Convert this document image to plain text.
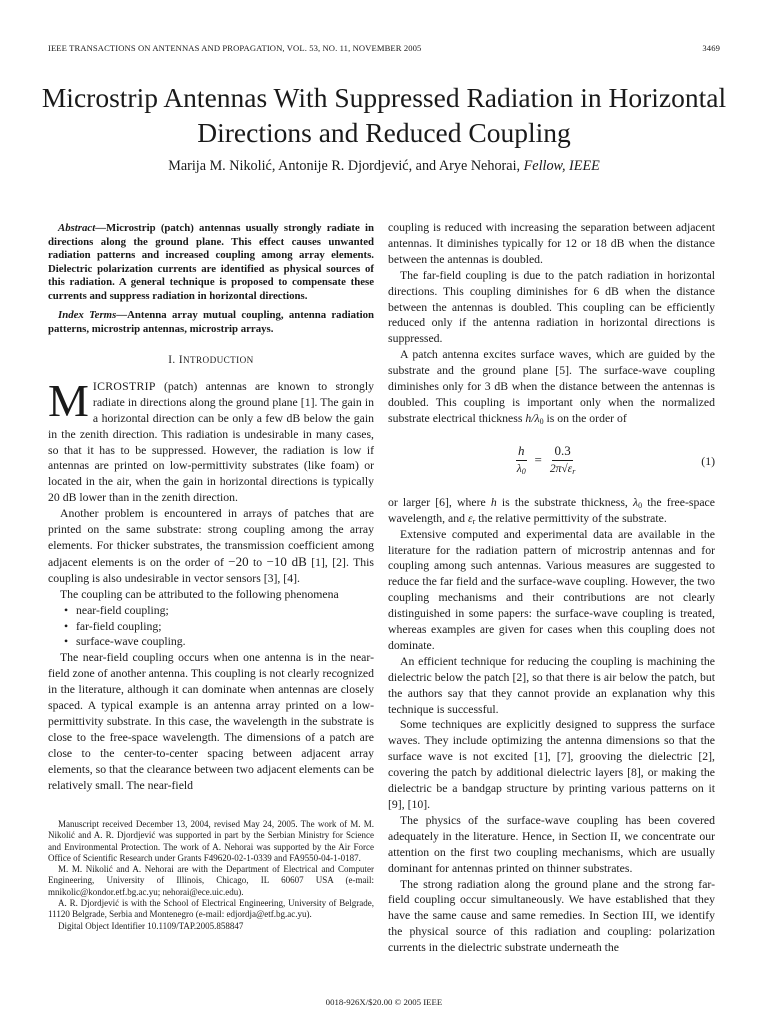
IEEE TRANSACTIONS ON ANTENNAS AND PROPAGATION, VOL. 53, NO. 11, NOVEMBER 2005	3469
Microstrip Antennas With Suppressed Radiation in Horizontal Directions and Reduced Coupling
Marija M. Nikolić, Antonije R. Djordjević, and Arye Nehorai, Fellow, IEEE
Abstract—Microstrip (patch) antennas usually strongly radiate in directions along the ground plane. This effect causes unwanted radiation patterns and increased coupling among array elements. Dielectric polarization currents are identified as physical sources of this radiation. A general technique is proposed to compensate these currents and suppress radiation in horizontal directions.
Index Terms—Antenna array mutual coupling, antenna radiation patterns, microstrip antennas, microstrip arrays.
I. INTRODUCTION

MICROSTRIP (patch) antennas are known to strongly radiate in directions along the ground plane [1]. The gain in a horizontal direction can be only a few dB below the gain in the zenith direction. This radiation is undesirable in many cases, so that it has to be suppressed. However, the radiation is low if antennas are printed on low-permittivity substrates (like foam) or located in the air, when the gain in horizontal directions is typically 20 dB lower than in the zenith direction.

Another problem is encountered in arrays of patches that are printed on the same substrate: strong coupling among the array elements. For thicker substrates, the transmission coefficient among adjacent elements is on the order of −20 to −10 dB [1], [2]. This coupling is also undesirable in vector sensors [3], [4].

The coupling can be attributed to the following phenomena

• near-field coupling;
• far-field coupling;
• surface-wave coupling.

The near-field coupling occurs when one antenna is in the near-field zone of another antenna. This coupling is not clearly recognized in the literature, although it can dominate when antennas are closely spaced. A typical example is an antenna array printed on a low-permittivity substrate. In this case, the wavelength in the substrate is close to the free-space wavelength. The dimensions of a patch are close to the center-to-center spacing between adjacent array elements, so that the clearance between two adjacent elements can be relatively small. The near-field

Manuscript received December 13, 2004, revised May 24, 2005. The work of M. M. Nikolić and A. R. Djordjević was supported in part by the Serbian Ministry for Science and Environmental Protection. The work of A. Nehorai was supported by the Air Force Office of Scientific Research under Grants F49620-02-1-0339 and FA9550-04-1-0187.

M. M. Nikolić and A. Nehorai are with the Department of Electrical and Computer Engineering, University of Illinois, Chicago, IL 60607 USA (e-mail: mnikolic@kondor.etf.bg.ac.yu; nehorai@ece.uic.edu).

A. R. Djordjević is with the School of Electrical Engineering, University of Belgrade, 11120 Belgrade, Serbia and Montenegro (e-mail: edjordja@etf.bg.ac.yu).

Digital Object Identifier 10.1109/TAP.2005.858847

coupling is reduced with increasing the separation between adjacent antennas. It diminishes typically for 12 or 18 dB when the distance between the antennas is doubled.

The far-field coupling is due to the patch radiation in horizontal directions. This coupling diminishes for 6 dB when the distance between the antennas is doubled. This coupling can be efficiently reduced only if the antenna radiation in horizontal directions is suppressed.

A patch antenna excites surface waves, which are guided by the substrate and the ground plane [5]. The surface-wave coupling diminishes only for 3 dB when the distance between the antennas is doubled. This coupling is important only when the normalized substrate electrical thickness $h/\lambda_0$ is on the order of

$\frac{h}{\lambda_0} = \frac{0.3}{2\pi√\varepsilon_r}$	(1)

or larger [6], where h is the substrate thickness, $\lambda_0$ the free-space wavelength, and $\varepsilon_r$ the relative permittivity of the substrate.

Extensive computed and experimental data are available in the literature for the radiation pattern of microstrip antennas and for coupling among such antennas. Various measures are suggested to reduce the far field and the surface-wave coupling. However, the two coupling mechanisms and their contributions are not clearly distinguished in some papers: the surface-wave coupling is treated, whereas examples are given for cases when this coupling does not dominate.

An efficient technique for reducing the coupling is machining the dielectric below the patch [2], so that there is air below the patch, but the authors say that they cannot provide an explanation why this technique is successful.

Some techniques are explicitly designed to suppress the surface waves. They include optimizing the antenna dimensions so that the surface wave is not excited [1], [7], grooving the dielectric [2], covering the patch by additional dielectric layers [8], or making the dielectric be a bandgap structure by printing various patterns on it [9], [10].

The physics of the surface-wave coupling has been covered adequately in the literature. Hence, in Section II, we concentrate our attention on the first two coupling mechanisms, which are usually dominant for antennas printed on thinner substrates.

The strong radiation along the ground plane and the strong far-field coupling occur simultaneously. We have established that they have the same cause and same remedies. In Section III, we identify the physical source of this radiation and coupling: polarization currents in the dielectric substrate underneath the

0018-926X/$20.00 © 2005 IEEE
